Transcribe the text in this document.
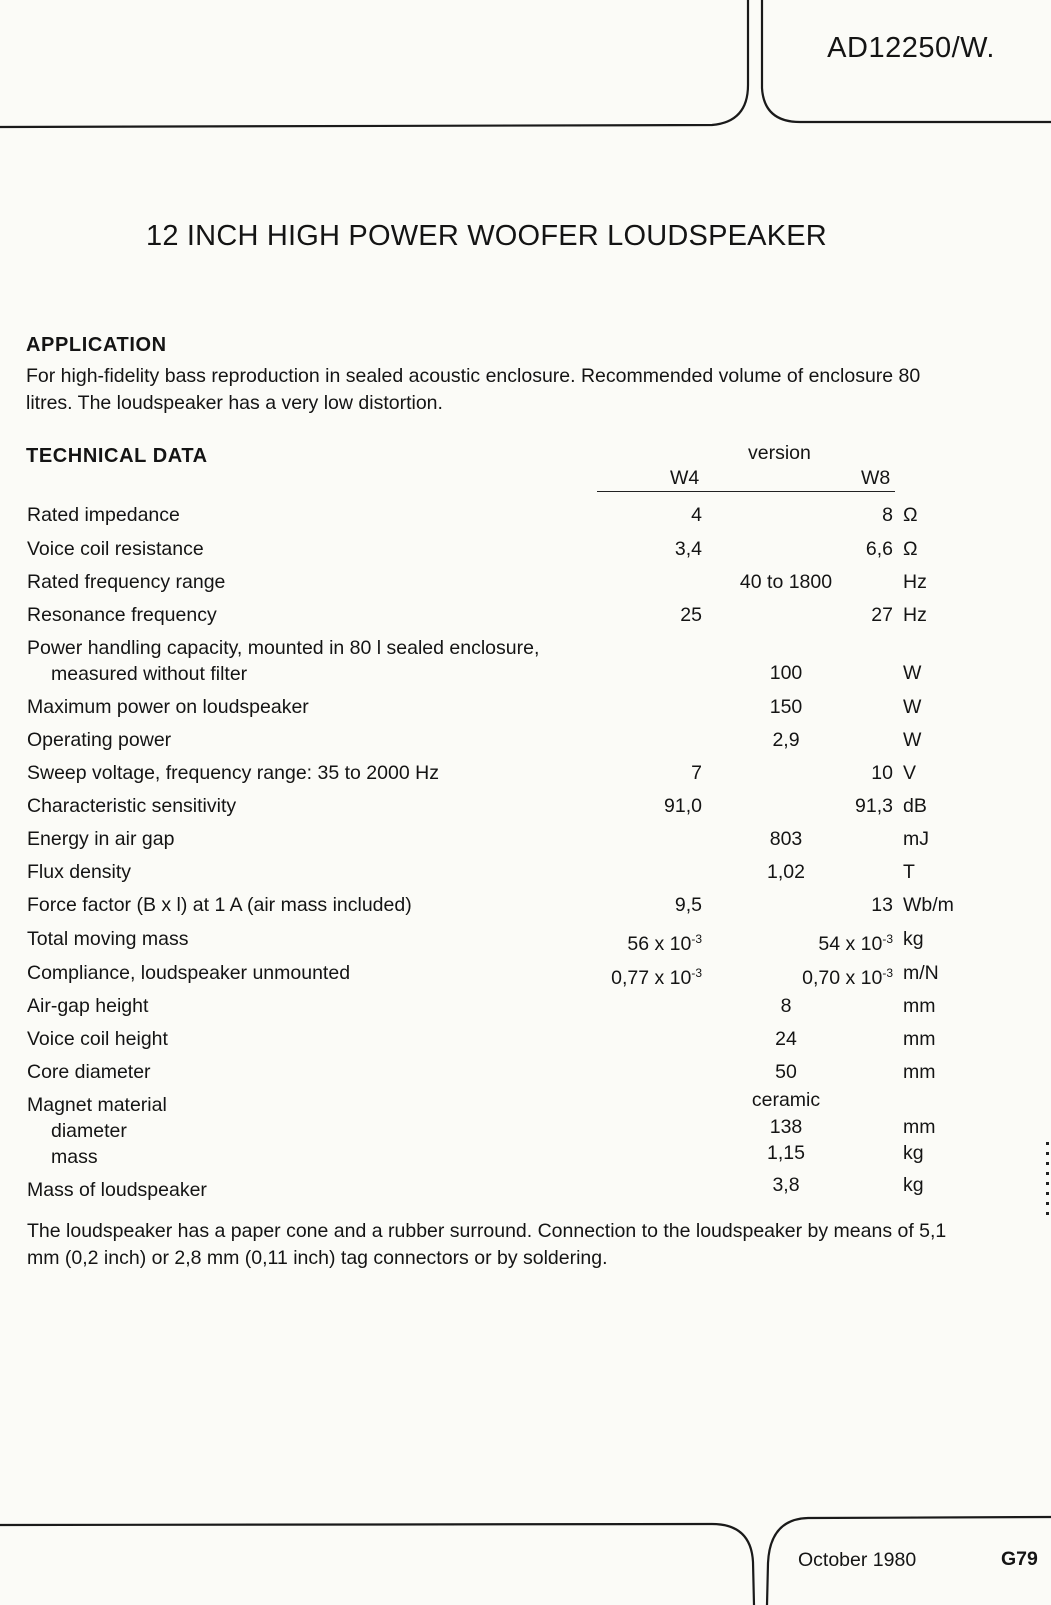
AD12250/W.
12 INCH HIGH POWER WOOFER LOUDSPEAKER
APPLICATION
For high-fidelity bass reproduction in sealed acoustic enclosure. Recommended volume of enclosure 80 litres. The loudspeaker has a very low distortion.
TECHNICAL DATA	version
W4	W8
Rated impedance	4	8 Ω
Voice coil resistance	3,4	6,6 Ω
Rated frequency range	40 to 1800	Hz
Resonance frequency	25	27 Hz
Power handling capacity, mounted in 80 l sealed enclosure,
measured without filter	100	W
Maximum power on loudspeaker	150	W
Operating power	2,9	W
Sweep voltage, frequency range: 35 to 2000 Hz	7	10 V
Characteristic sensitivity	91,0	91,3 dB
Energy in air gap	803	mJ
Flux density	1,02	T
Force factor (B x l) at 1 A (air mass included)	9,5	13 Wb/m
Total moving mass	56 x $10^{-3}$	54 x $10^{-3}$ kg
Compliance, loudspeaker unmounted	0,77 x $10^{-3}$	0,70 x $10^{-3}$ m/N
Air-gap height	8	mm
Voice coil height	24	mm
Core diameter	50	mm
Magnet material	ceramic
diameter	138	mm
mass	1,15	kg
Mass of loudspeaker	3,8	kg
The loudspeaker has a paper cone and a rubber surround. Connection to the loudspeaker by means of 5,1 mm (0,2 inch) or 2,8 mm (0,11 inch) tag connectors or by soldering.
October 1980	G79
